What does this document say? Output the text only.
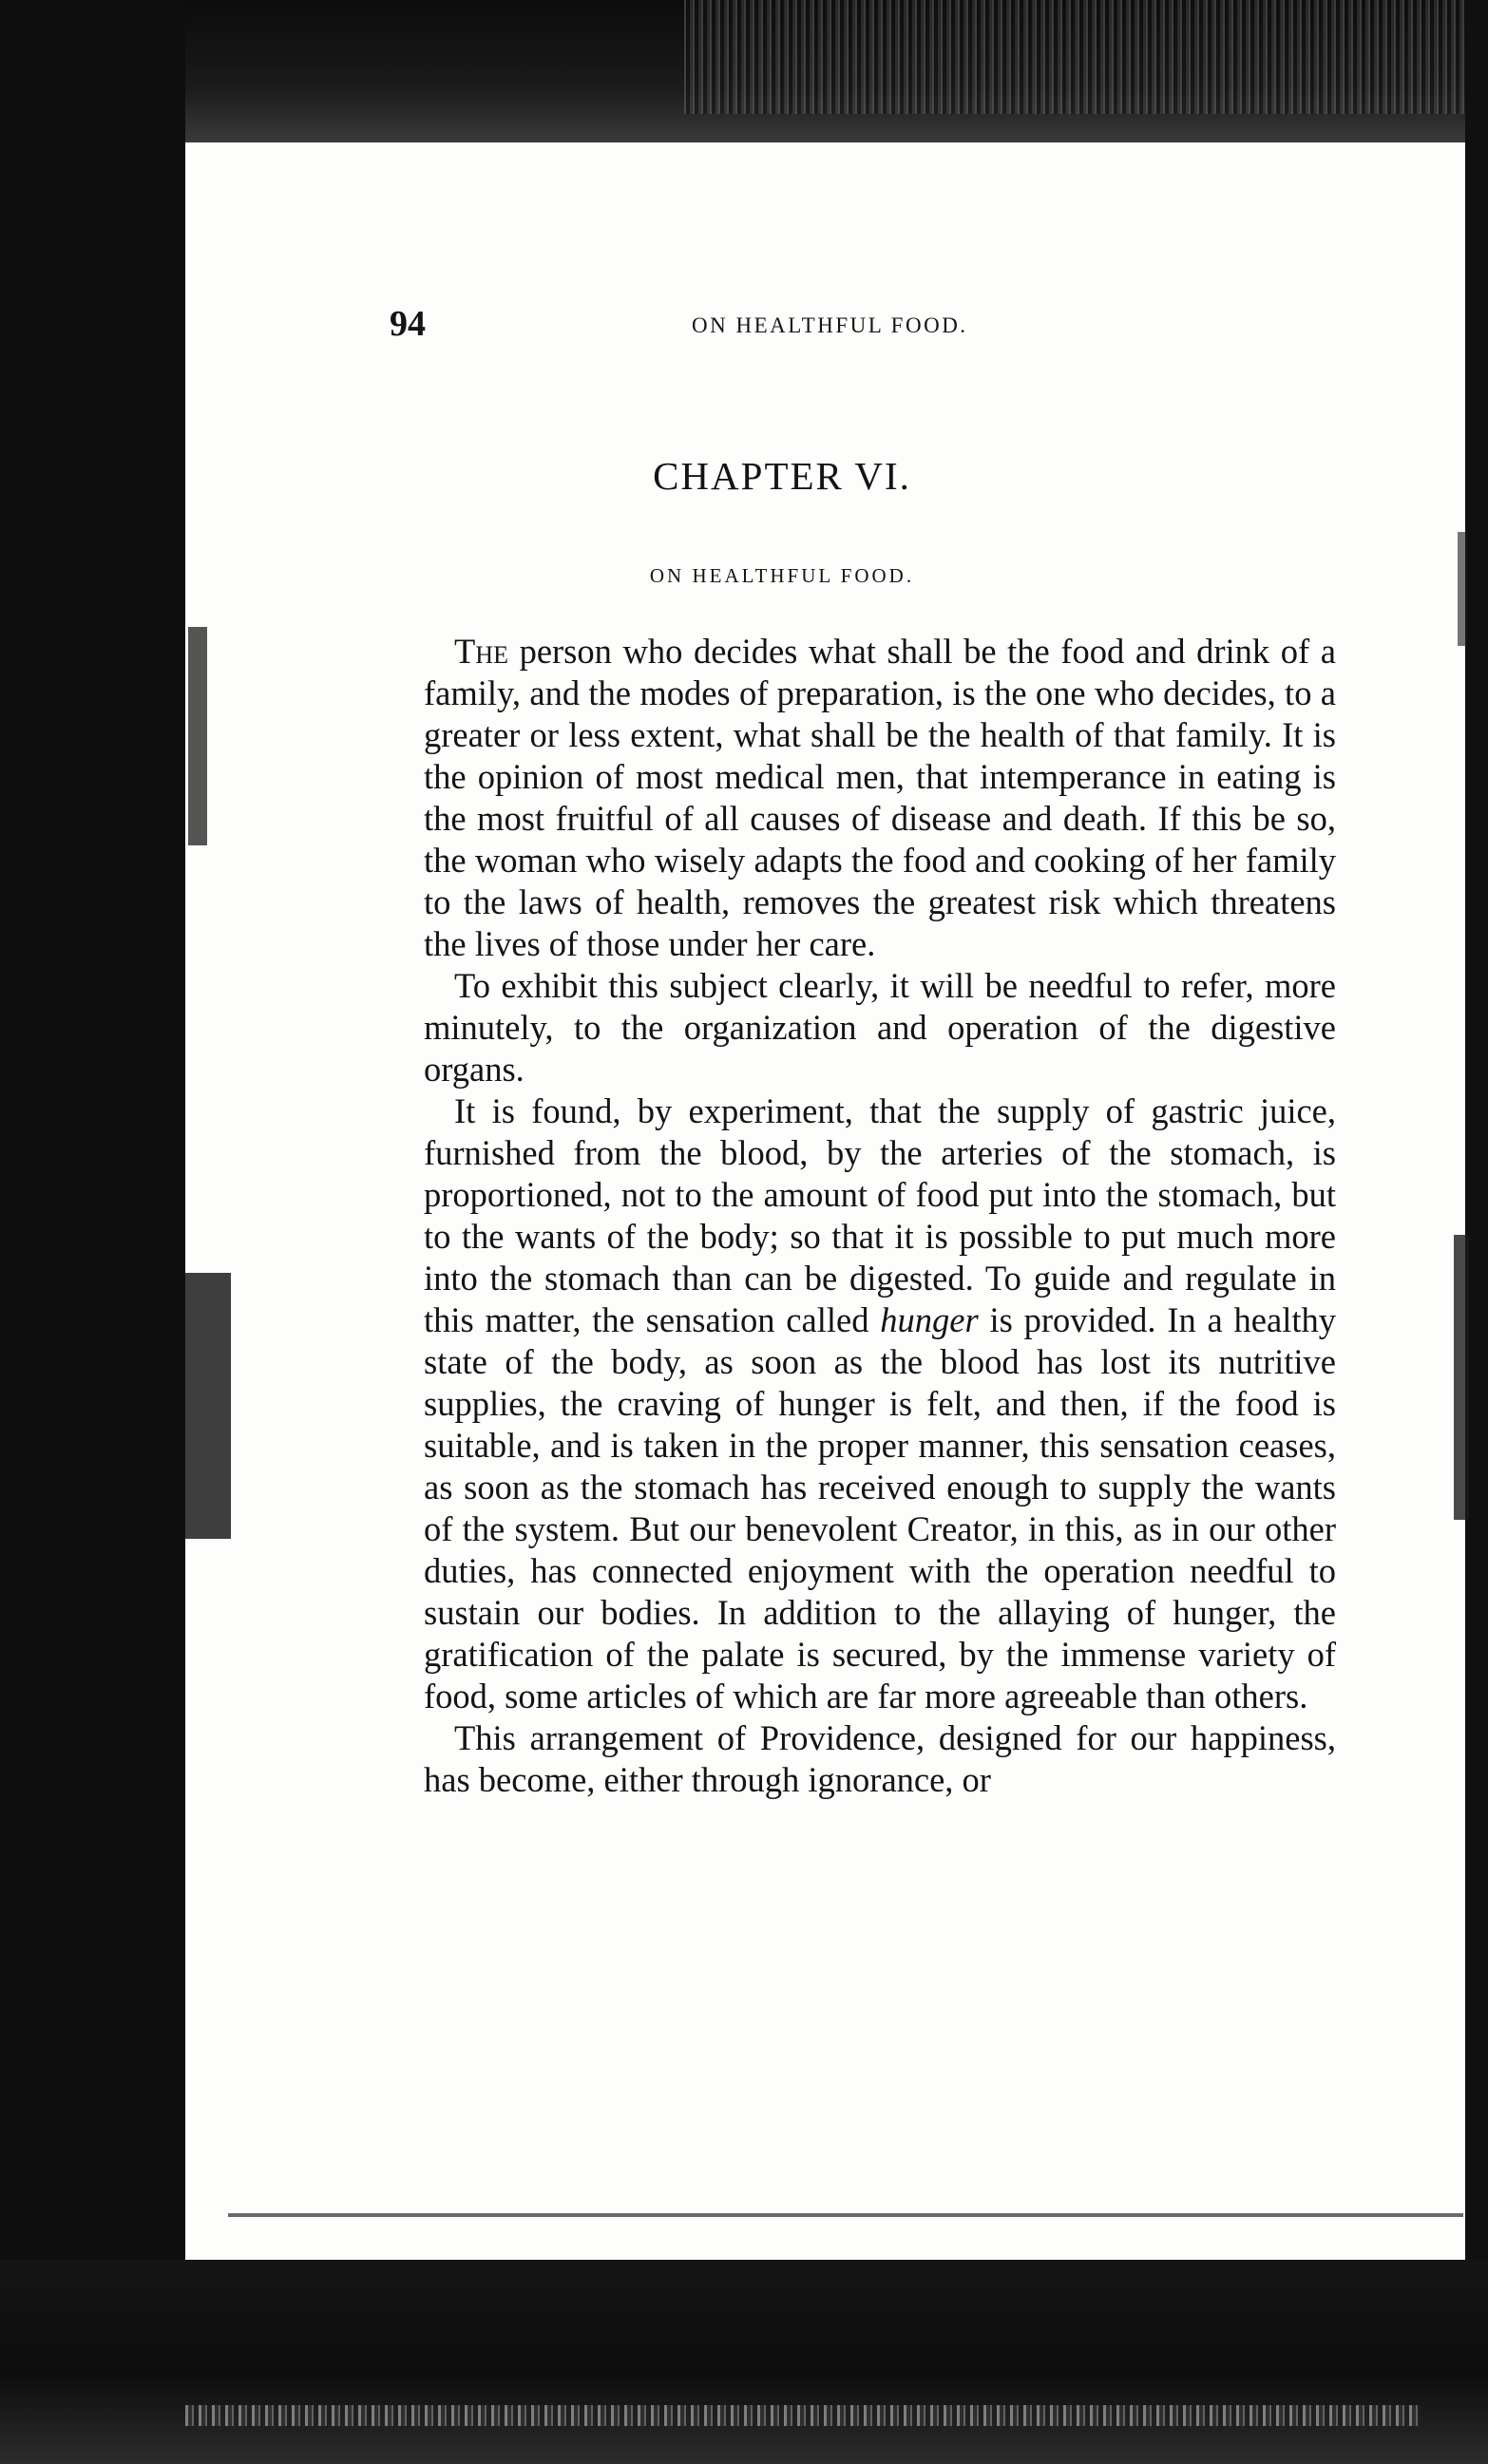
94	ON HEALTHFUL FOOD.
CHAPTER VI.
ON HEALTHFUL FOOD.

The person who decides what shall be the food and drink of a family, and the modes of preparation, is the one who decides, to a greater or less extent, what shall be the health of that family. It is the opinion of most medical men, that intemperance in eating is the most fruitful of all causes of disease and death. If this be so, the woman who wisely adapts the food and cooking of her family to the laws of health, removes the greatest risk which threatens the lives of those under her care.

To exhibit this subject clearly, it will be needful to refer, more minutely, to the organization and operation of the digestive organs.

It is found, by experiment, that the supply of gastric juice, furnished from the blood, by the arteries of the stomach, is proportioned, not to the amount of food put into the stomach, but to the wants of the body; so that it is possible to put much more into the stomach than can be digested. To guide and regulate in this matter, the sensation called hunger is provided. In a healthy state of the body, as soon as the blood has lost its nutritive supplies, the craving of hunger is felt, and then, if the food is suitable, and is taken in the proper manner, this sensation ceases, as soon as the stomach has received enough to supply the wants of the system. But our benevolent Creator, in this, as in our other duties, has connected enjoyment with the operation needful to sustain our bodies. In addition to the allaying of hunger, the gratification of the palate is secured, by the immense variety of food, some articles of which are far more agreeable than others.

This arrangement of Providence, designed for our happiness, has become, either through ignorance, or
